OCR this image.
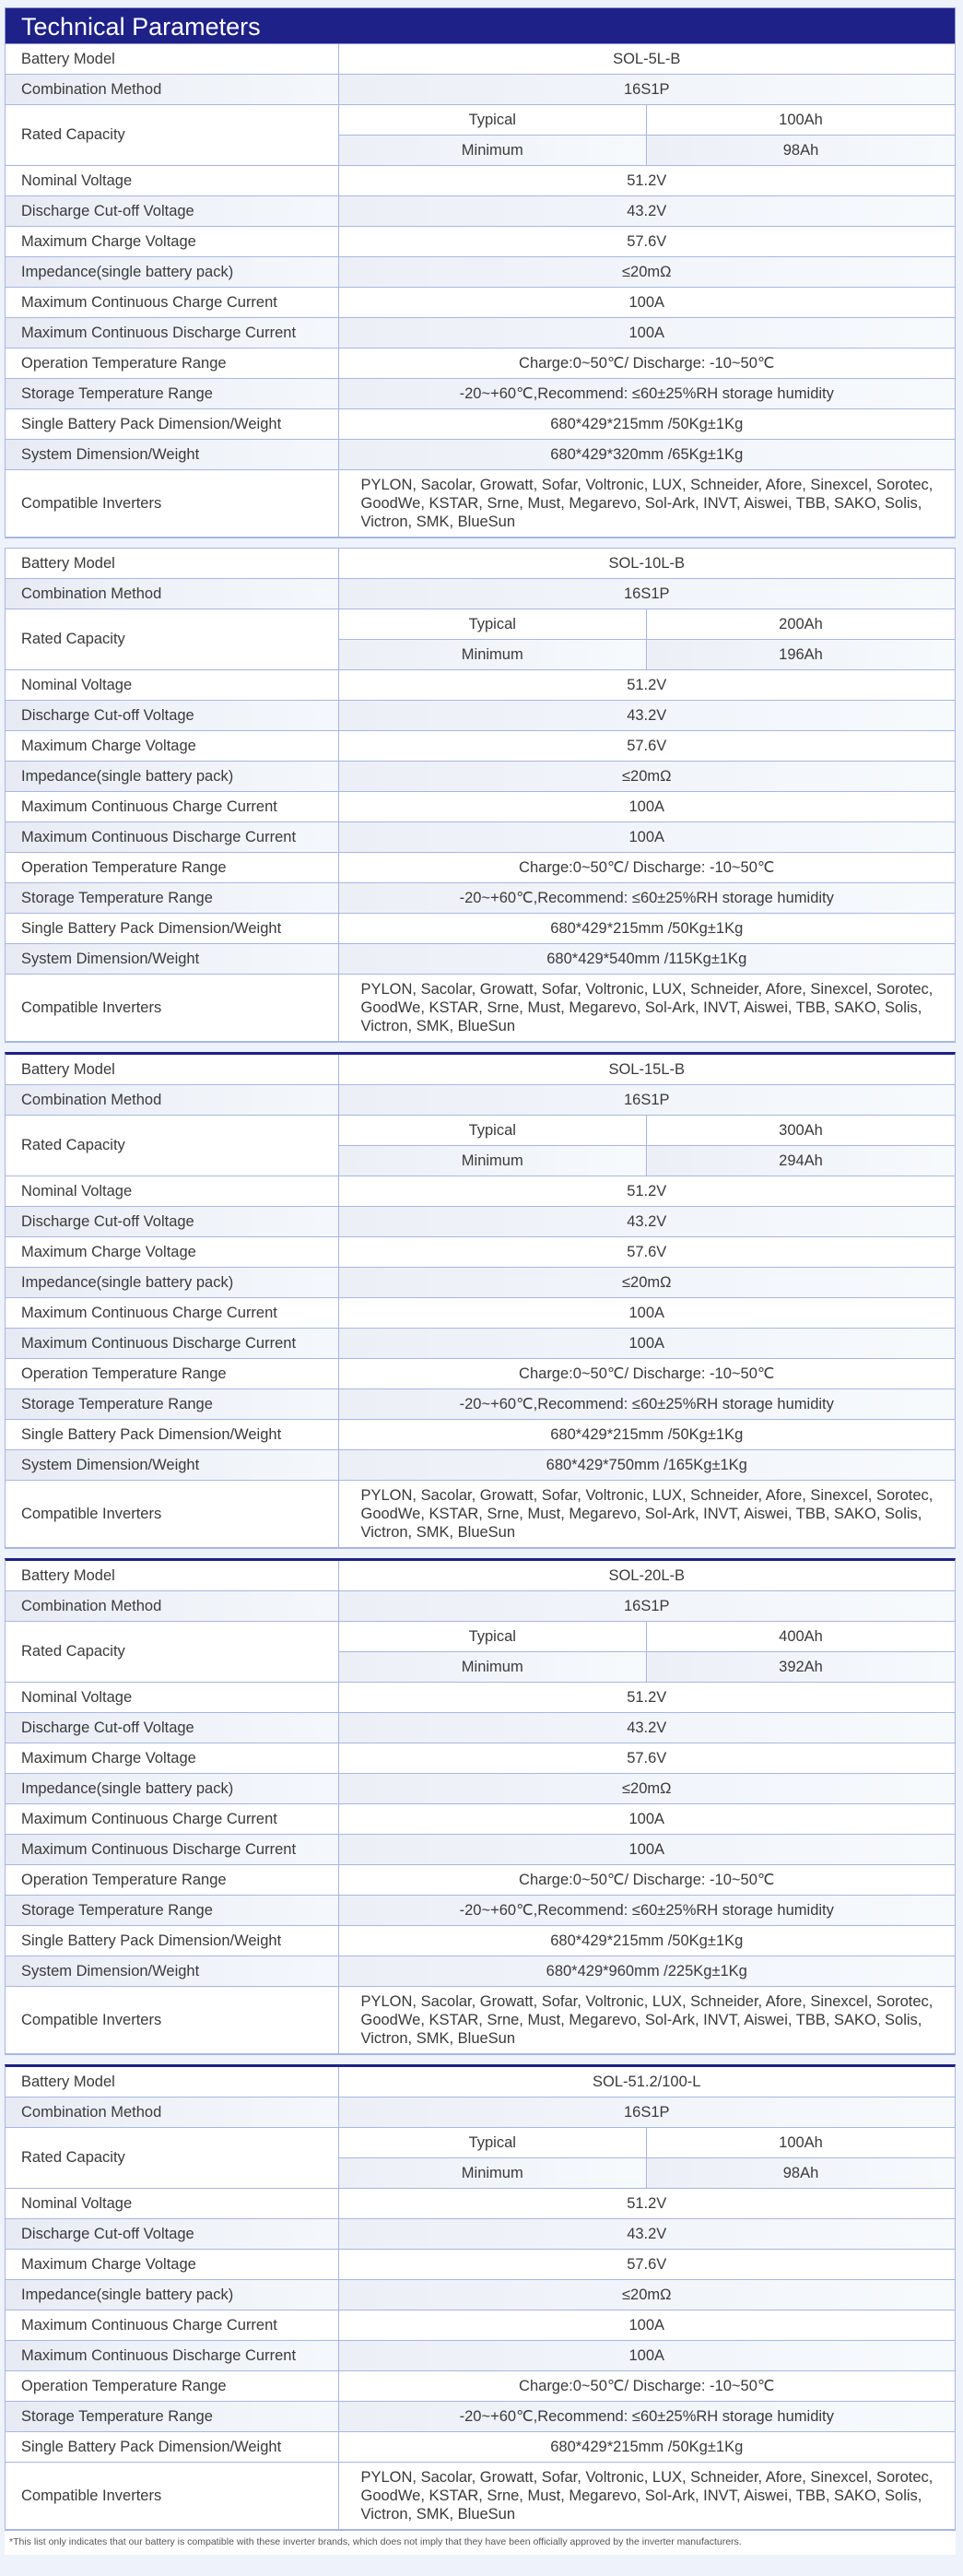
Technical Parameters
Battery Model	SOL-5L-B	
Combination Method	16S1P	
Rated Capacity	Typical	100Ah
	Minimum	98Ah
Nominal Voltage	51.2V	
Discharge Cut-off Voltage	43.2V	
Maximum Charge Voltage	57.6V	
Impedance(single battery pack)	≤20mΩ	
Maximum Continuous Charge Current	100A	
Maximum Continuous Discharge Current	100A	
Operation Temperature Range	Charge:0~50℃/ Discharge: -10~50℃	
Storage Temperature Range	-20~+60℃,Recommend: ≤60±25%RH storage humidity	
Single Battery Pack Dimension/Weight	680*429*215mm /50Kg±1Kg	
System Dimension/Weight	680*429*320mm /65Kg±1Kg	
Compatible Inverters	PYLON, Sacolar, Growatt, Sofar, Voltronic, LUX, Schneider, Afore, Sinexcel, Sorotec, GoodWe, KSTAR, Srne, Must, Megarevo, Sol-Ark, INVT, Aiswei, TBB, SAKO, Solis, Victron, SMK, BlueSun	
Battery Model	SOL-10L-B	
Combination Method	16S1P	
Rated Capacity	Typical	200Ah
	Minimum	196Ah
Nominal Voltage	51.2V	
Discharge Cut-off Voltage	43.2V	
Maximum Charge Voltage	57.6V	
Impedance(single battery pack)	≤20mΩ	
Maximum Continuous Charge Current	100A	
Maximum Continuous Discharge Current	100A	
Operation Temperature Range	Charge:0~50℃/ Discharge: -10~50℃	
Storage Temperature Range	-20~+60℃,Recommend: ≤60±25%RH storage humidity	
Single Battery Pack Dimension/Weight	680*429*215mm /50Kg±1Kg	
System Dimension/Weight	680*429*540mm /115Kg±1Kg	
Compatible Inverters	PYLON, Sacolar, Growatt, Sofar, Voltronic, LUX, Schneider, Afore, Sinexcel, Sorotec, GoodWe, KSTAR, Srne, Must, Megarevo, Sol-Ark, INVT, Aiswei, TBB, SAKO, Solis, Victron, SMK, BlueSun	
Battery Model	SOL-15L-B	
Combination Method	16S1P	
Rated Capacity	Typical	300Ah
	Minimum	294Ah
Nominal Voltage	51.2V	
Discharge Cut-off Voltage	43.2V	
Maximum Charge Voltage	57.6V	
Impedance(single battery pack)	≤20mΩ	
Maximum Continuous Charge Current	100A	
Maximum Continuous Discharge Current	100A	
Operation Temperature Range	Charge:0~50℃/ Discharge: -10~50℃	
Storage Temperature Range	-20~+60℃,Recommend: ≤60±25%RH storage humidity	
Single Battery Pack Dimension/Weight	680*429*215mm /50Kg±1Kg	
System Dimension/Weight	680*429*750mm /165Kg±1Kg	
Compatible Inverters	PYLON, Sacolar, Growatt, Sofar, Voltronic, LUX, Schneider, Afore, Sinexcel, Sorotec, GoodWe, KSTAR, Srne, Must, Megarevo, Sol-Ark, INVT, Aiswei, TBB, SAKO, Solis, Victron, SMK, BlueSun	
Battery Model	SOL-20L-B	
Combination Method	16S1P	
Rated Capacity	Typical	400Ah
	Minimum	392Ah
Nominal Voltage	51.2V	
Discharge Cut-off Voltage	43.2V	
Maximum Charge Voltage	57.6V	
Impedance(single battery pack)	≤20mΩ	
Maximum Continuous Charge Current	100A	
Maximum Continuous Discharge Current	100A	
Operation Temperature Range	Charge:0~50℃/ Discharge: -10~50℃	
Storage Temperature Range	-20~+60℃,Recommend: ≤60±25%RH storage humidity	
Single Battery Pack Dimension/Weight	680*429*215mm /50Kg±1Kg	
System Dimension/Weight	680*429*960mm /225Kg±1Kg	
Compatible Inverters	PYLON, Sacolar, Growatt, Sofar, Voltronic, LUX, Schneider, Afore, Sinexcel, Sorotec, GoodWe, KSTAR, Srne, Must, Megarevo, Sol-Ark, INVT, Aiswei, TBB, SAKO, Solis, Victron, SMK, BlueSun	
Battery Model	SOL-51.2/100-L	
Combination Method	16S1P	
Rated Capacity	Typical	100Ah
	Minimum	98Ah
Nominal Voltage	51.2V	
Discharge Cut-off Voltage	43.2V	
Maximum Charge Voltage	57.6V	
Impedance(single battery pack)	≤20mΩ	
Maximum Continuous Charge Current	100A	
Maximum Continuous Discharge Current	100A	
Operation Temperature Range	Charge:0~50℃/ Discharge: -10~50℃	
Storage Temperature Range	-20~+60℃,Recommend: ≤60±25%RH storage humidity	
Single Battery Pack Dimension/Weight	680*429*215mm /50Kg±1Kg	
Compatible Inverters	PYLON, Sacolar, Growatt, Sofar, Voltronic, LUX, Schneider, Afore, Sinexcel, Sorotec, GoodWe, KSTAR, Srne, Must, Megarevo, Sol-Ark, INVT, Aiswei, TBB, SAKO, Solis, Victron, SMK, BlueSun	
*This list only indicates that our battery is compatible with these inverter brands, which does not imply that they have been officially approved by the inverter manufacturers.
